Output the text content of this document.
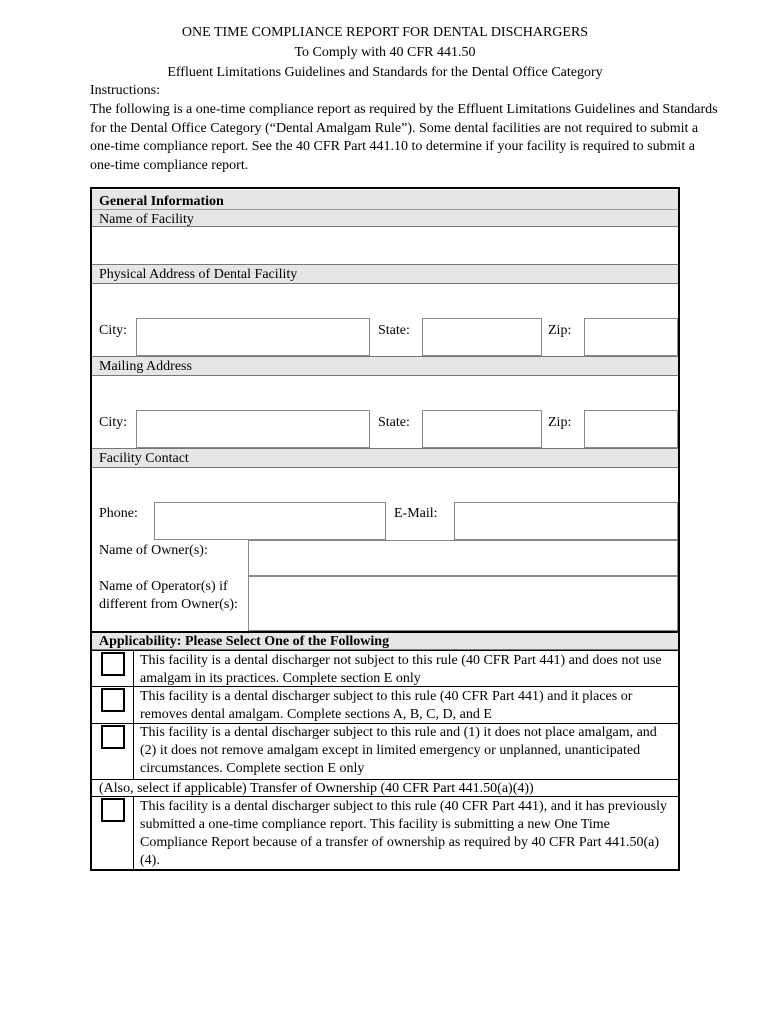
ONE TIME COMPLIANCE REPORT FOR DENTAL DISCHARGERS
To Comply with 40 CFR 441.50
Effluent Limitations Guidelines and Standards for the Dental Office Category
Instructions:
The following is a one-time compliance report as required by the Effluent Limitations Guidelines and Standards for the Dental Office Category (“Dental Amalgam Rule”). Some dental facilities are not required to submit a one-time compliance report. See the 40 CFR Part 441.10 to determine if your facility is required to submit a one-time compliance report.
General Information
Name of Facility
Physical Address of Dental Facility
City:	State:	Zip:
Mailing Address
City:	State:	Zip:
Facility Contact
Phone:	E-Mail:
Name of Owner(s):
Name of Operator(s) if different from Owner(s):
Applicability: Please Select One of the Following
This facility is a dental discharger not subject to this rule (40 CFR Part 441) and does not use amalgam in its practices. Complete section E only
This facility is a dental discharger subject to this rule (40 CFR Part 441) and it places or removes dental amalgam. Complete sections A, B, C, D, and E
This facility is a dental discharger subject to this rule and (1) it does not place amalgam, and (2) it does not remove amalgam except in limited emergency or unplanned, unanticipated circumstances. Complete section E only
(Also, select if applicable) Transfer of Ownership (40 CFR Part 441.50(a)(4))
This facility is a dental discharger subject to this rule (40 CFR Part 441), and it has previously submitted a one-time compliance report. This facility is submitting a new One Time Compliance Report because of a transfer of ownership as required by 40 CFR Part 441.50(a)(4).
